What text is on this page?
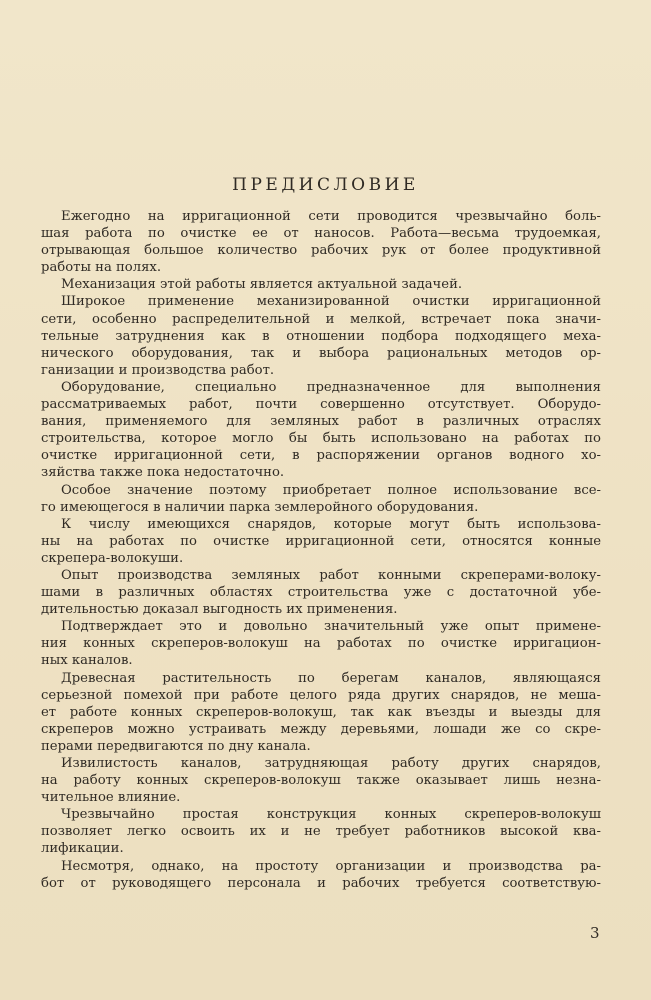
ПРЕДИСЛОВИЕ
Ежегодно на ирригационной сети проводится чрезвычайно боль-
шая работа по очистке ее от наносов. Работа—весьма трудоемкая,
отрывающая большое количество рабочих рук от более продуктивной
работы на полях.
Механизация этой работы является актуальной задачей.
Широкое применение механизированной очистки ирригационной
сети, особенно распределительной и мелкой, встречает пока значи-
тельные затруднения как в отношении подбора подходящего меха-
нического оборудования, так и выбора рациональных методов ор-
ганизации и производства работ.
Оборудование, специально предназначенное для выполнения
рассматриваемых работ, почти совершенно отсутствует. Оборудо-
вания, применяемого для земляных работ в различных отраслях
строительства, которое могло бы быть использовано на работах по
очистке ирригационной сети, в распоряжении органов водного хо-
зяйства также пока недостаточно.
Особое значение поэтому приобретает полное использование все-
го имеющегося в наличии парка землеройного оборудования.
К числу имеющихся снарядов, которые могут быть использова-
ны на работах по очистке ирригационной сети, относятся конные
скрепера-волокуши.
Опыт производства земляных работ конными скреперами-волоку-
шами в различных областях строительства уже с достаточной убе-
дительностью доказал выгодность их применения.
Подтверждает это и довольно значительный уже опыт примене-
ния конных скреперов-волокуш на работах по очистке ирригацион-
ных каналов.
Древесная растительность по берегам каналов, являющаяся
серьезной помехой при работе целого ряда других снарядов, не меша-
ет работе конных скреперов-волокуш, так как въезды и выезды для
скреперов можно устраивать между деревьями, лошади же со скре-
перами передвигаются по дну канала.
Извилистость каналов, затрудняющая работу других снарядов,
на работу конных скреперов-волокуш также оказывает лишь незна-
чительное влияние.
Чрезвычайно простая конструкция конных скреперов-волокуш
позволяет легко освоить их и не требует работников высокой ква-
лификации.
Несмотря, однако, на простоту организации и производства ра-
бот от руководящего персонала и рабочих требуется соответствую-
3
